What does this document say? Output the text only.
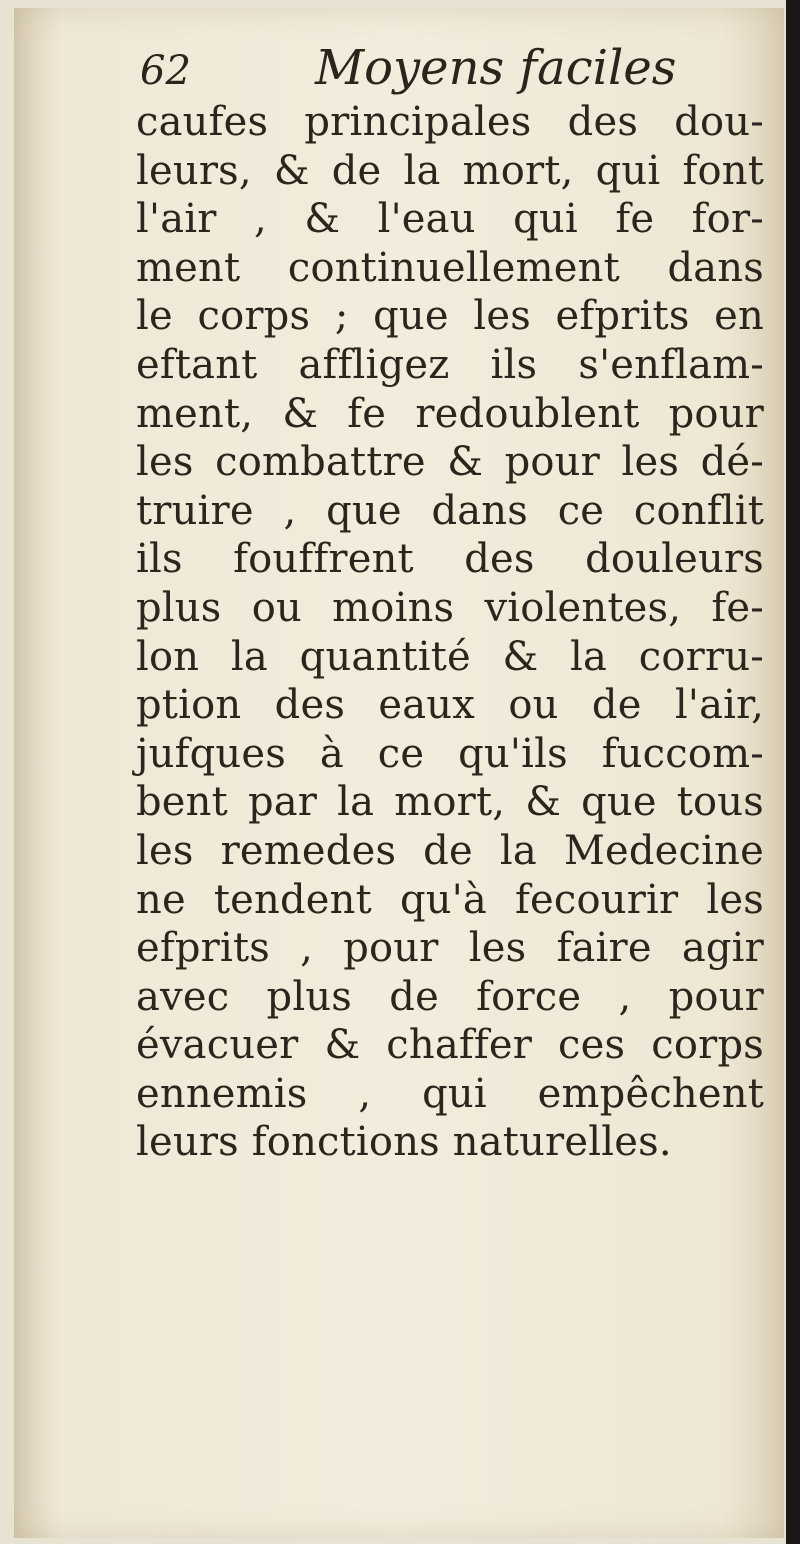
62	Moyens faciles
caufes principales des dou-
leurs, & de la mort, qui font
l'air , & l'eau qui fe for-
ment continuellement dans
le corps ; que les efprits en
eftant affligez ils s'enflam-
ment, & fe redoublent pour
les combattre & pour les dé-
truire , que dans ce conflit
ils fouffrent des douleurs
plus ou moins violentes, fe-
lon la quantité & la corru-
ption des eaux ou de l'air,
jufques à ce qu'ils fuccom-
bent par la mort, & que tous
les remedes de la Medecine
ne tendent qu'à fecourir les
efprits , pour les faire agir
avec plus de force , pour
évacuer & chaffer ces corps
ennemis , qui empêchent
leurs fonctions naturelles.
